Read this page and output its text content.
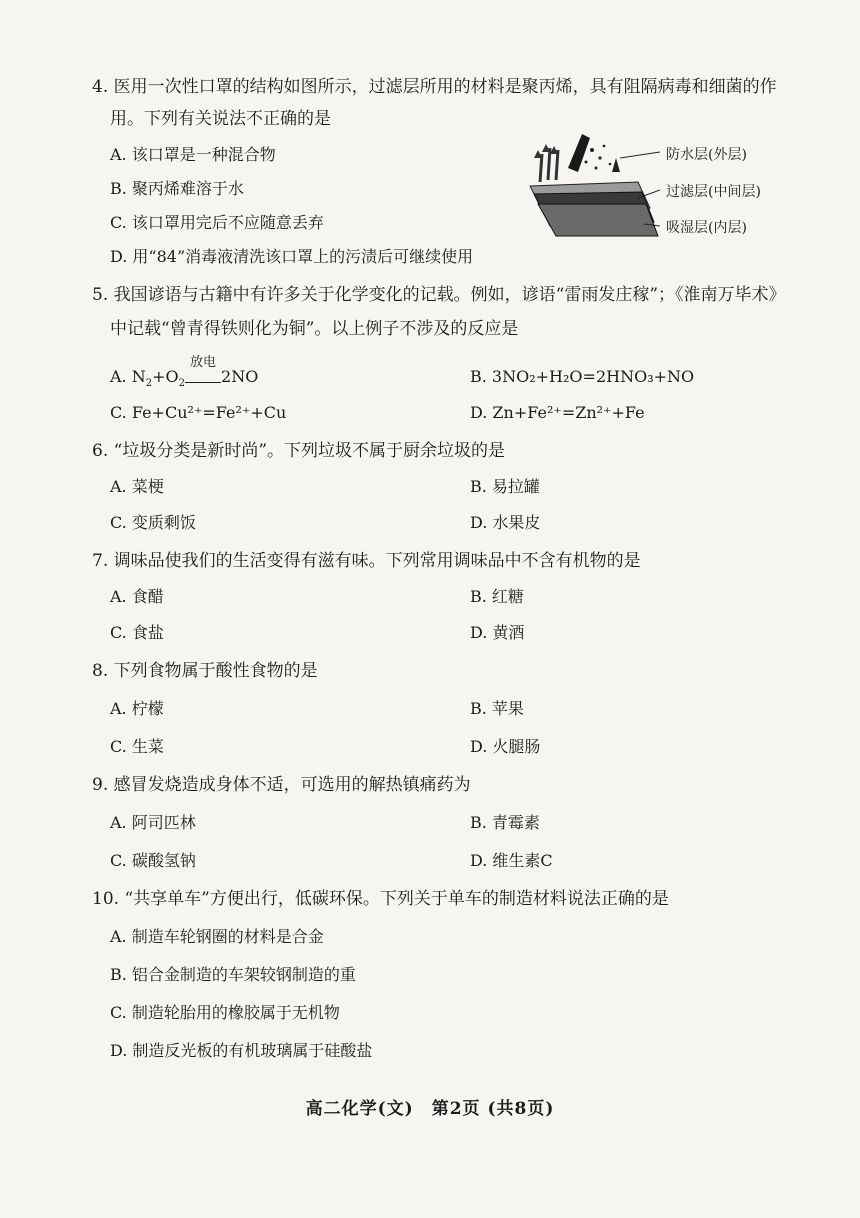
4. 医用一次性口罩的结构如图所示，过滤层所用的材料是聚丙烯，具有阻隔病毒和细菌的作
用。下列有关说法不正确的是
A. 该口罩是一种混合物
B. 聚丙烯难溶于水
C. 该口罩用完后不应随意丢弃
D. 用“84”消毒液清洗该口罩上的污渍后可继续使用
防水层(外层)
过滤层(中间层)
吸湿层(内层)
5. 我国谚语与古籍中有许多关于化学变化的记载。例如，谚语“雷雨发庄稼”；《淮南万毕术》
中记载“曾青得铁则化为铜”。以上例子不涉及的反应是
A. $N_2+O_2$
放电
2NO	B. 3NO₂+H₂O=2HNO₃+NO
C. Fe+Cu²⁺=Fe²⁺+Cu	D. Zn+Fe²⁺=Zn²⁺+Fe
6. “垃圾分类是新时尚”。下列垃圾不属于厨余垃圾的是
A. 菜梗	B. 易拉罐
C. 变质剩饭	D. 水果皮
7. 调味品使我们的生活变得有滋有味。下列常用调味品中不含有机物的是
A. 食醋	B. 红糖
C. 食盐	D. 黄酒
8. 下列食物属于酸性食物的是
A. 柠檬	B. 苹果
C. 生菜	D. 火腿肠
9. 感冒发烧造成身体不适，可选用的解热镇痛药为
A. 阿司匹林	B. 青霉素
C. 碳酸氢钠	D. 维生素C
10. “共享单车”方便出行，低碳环保。下列关于单车的制造材料说法正确的是
A. 制造车轮钢圈的材料是合金
B. 铝合金制造的车架较钢制造的重
C. 制造轮胎用的橡胶属于无机物
D. 制造反光板的有机玻璃属于硅酸盐
高二化学(文)　第2页 (共8页)
